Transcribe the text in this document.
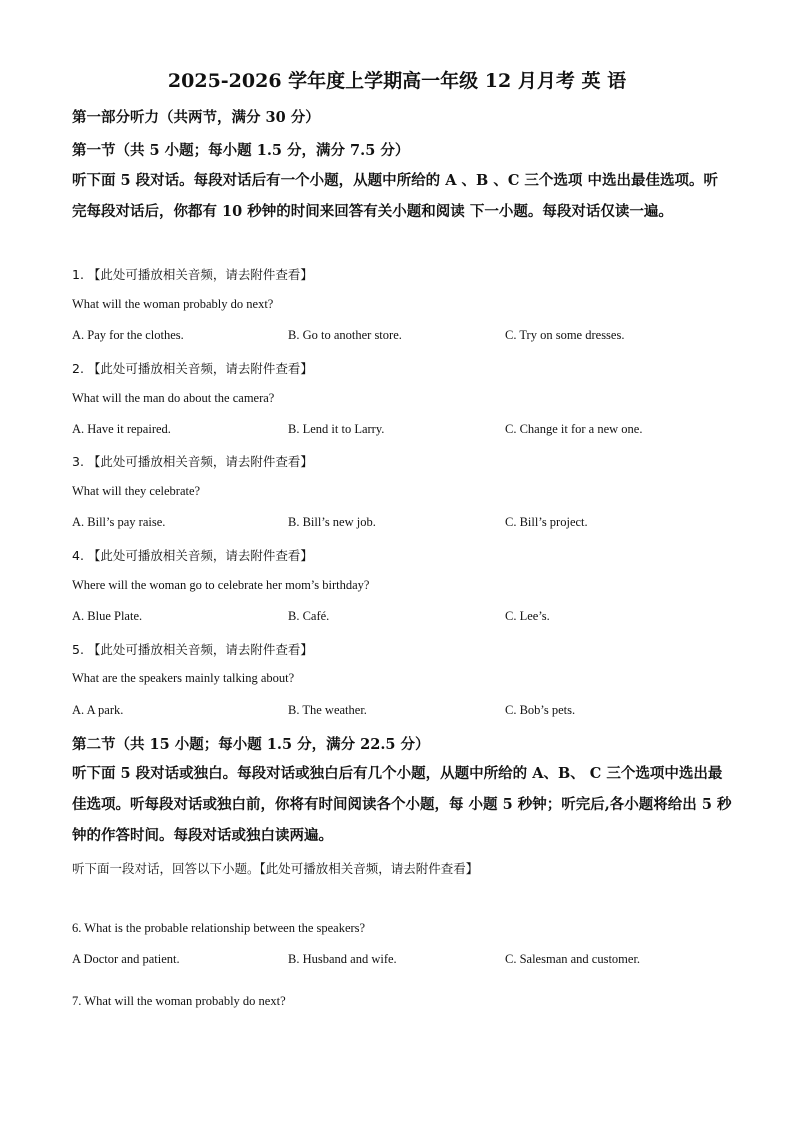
2025-2026 学年度上学期高一年级 12 月月考 英 语
第一部分听力（共两节，满分 30 分）
第一节（共 5 小题；每小题 1.5 分，满分 7.5 分）
听下面 5 段对话。每段对话后有一个小题，从题中所给的 A 、B 、C 三个选项 中选出最佳选项。听完每段对话后，你都有 10 秒钟的时间来回答有关小题和阅读 下一小题。每段对话仅读一遍。
1. 【此处可播放相关音频，请去附件查看】
What will the woman probably do next?
A. Pay for the clothes.	B. Go to another store.	C. Try on some dresses.
2. 【此处可播放相关音频，请去附件查看】
What will the man do about the camera?
A. Have it repaired.	B. Lend it to Larry.	C. Change it for a new one.
3. 【此处可播放相关音频，请去附件查看】
What will they celebrate?
A. Bill’s pay raise.	B. Bill’s new job.	C. Bill’s project.
4. 【此处可播放相关音频，请去附件查看】
Where will the woman go to celebrate her mom’s birthday?
A. Blue Plate.	B. Café.	C. Lee’s.
5. 【此处可播放相关音频，请去附件查看】
What are the speakers mainly talking about?
A. A park.	B. The weather.	C. Bob’s pets.
第二节（共 15 小题；每小题 1.5 分，满分 22.5 分）
听下面 5 段对话或独白。每段对话或独白后有几个小题，从题中所给的 A、B、 C 三个选项中选出最佳选项。听每段对话或独白前，你将有时间阅读各个小题，每 小题 5 秒钟；听完后,各小题将给出 5 秒钟的作答时间。每段对话或独白读两遍。
听下面一段对话，回答以下小题。【此处可播放相关音频，请去附件查看】
6. What is the probable relationship between the speakers?
A Doctor and patient.	B. Husband and wife.	C. Salesman and customer.
7. What will the woman probably do next?
